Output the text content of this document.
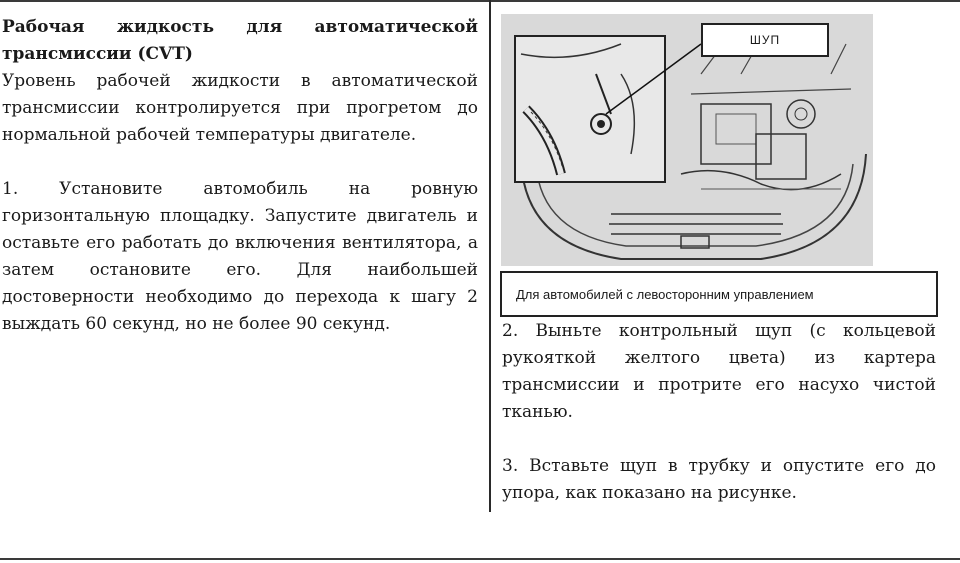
Рабочая жидкость для автоматической трансмиссии (CVT)

Уровень рабочей жидкости в автоматической трансмиссии контролируется при прогретом до нормальной рабочей температуры двигателе.

1. Установите автомобиль на ровную горизонтальную площадку. Запустите двигатель и оставьте его работать до включения вентилятора, а затем остановите его. Для наибольшей достоверности необходимо до перехода к шагу 2 выждать 60 секунд, но не более 90 секунд.

ШУП
Для автомобилей с левосторонним управлением

2. Выньте контрольный щуп (с кольцевой рукояткой желтого цвета) из картера трансмиссии и протрите его насухо чистой тканью.

3. Вставьте щуп в трубку и опустите его до упора, как показано на рисунке.
